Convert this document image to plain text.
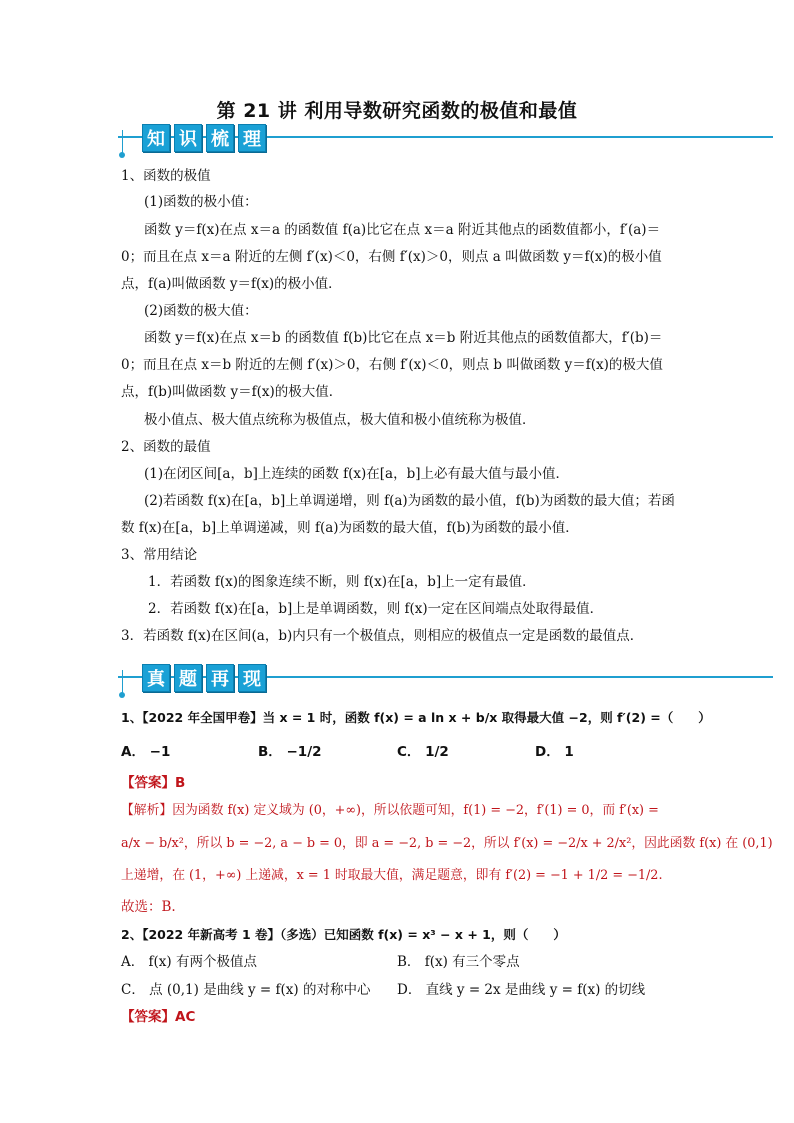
第 21 讲 利用导数研究函数的极值和最值
知 识 梳 理
1、函数的极值
(1)函数的极小值：
函数 y＝f(x)在点 x＝a 的函数值 f(a)比它在点 x＝a 附近其他点的函数值都小，f′(a)＝
0；而且在点 x＝a 附近的左侧 f′(x)＜0，右侧 f′(x)＞0，则点 a 叫做函数 y＝f(x)的极小值
点，f(a)叫做函数 y＝f(x)的极小值．
(2)函数的极大值：
函数 y＝f(x)在点 x＝b 的函数值 f(b)比它在点 x＝b 附近其他点的函数值都大，f′(b)＝
0；而且在点 x＝b 附近的左侧 f′(x)＞0，右侧 f′(x)＜0，则点 b 叫做函数 y＝f(x)的极大值
点，f(b)叫做函数 y＝f(x)的极大值．
极小值点、极大值点统称为极值点，极大值和极小值统称为极值．
2、函数的最值
(1)在闭区间[a，b]上连续的函数 f(x)在[a，b]上必有最大值与最小值．
(2)若函数 f(x)在[a，b]上单调递增，则 f(a)为函数的最小值，f(b)为函数的最大值；若函
数 f(x)在[a，b]上单调递减，则 f(a)为函数的最大值，f(b)为函数的最小值．
3、常用结论
1．若函数 f(x)的图象连续不断，则 f(x)在[a，b]上一定有最值．
2．若函数 f(x)在[a，b]上是单调函数，则 f(x)一定在区间端点处取得最值．
3．若函数 f(x)在区间(a，b)内只有一个极值点，则相应的极值点一定是函数的最值点．
真 题 再 现
1、【2022 年全国甲卷】当 x = 1 时，函数 f(x) = a ln x + b/x 取得最大值 −2，则 f′(2) =（　　）
A． −1	B． −1/2	C． 1/2	D． 1
【答案】B
【解析】因为函数 f(x) 定义域为 (0，+∞)，所以依题可知，f(1) = −2，f′(1) = 0，而 f′(x) =
a/x − b/x²，所以 b = −2, a − b = 0，即 a = −2, b = −2，所以 f′(x) = −2/x + 2/x²，因此函数 f(x) 在 (0,1)
上递增，在 (1，+∞) 上递减，x = 1 时取最大值，满足题意，即有 f′(2) = −1 + 1/2 = −1/2.
故选：B.
2、【2022 年新高考 1 卷】（多选）已知函数 f(x) = x³ − x + 1，则（　　）
A． f(x) 有两个极值点	B． f(x) 有三个零点
C． 点 (0,1) 是曲线 y = f(x) 的对称中心 D． 直线 y = 2x 是曲线 y = f(x) 的切线
【答案】AC
